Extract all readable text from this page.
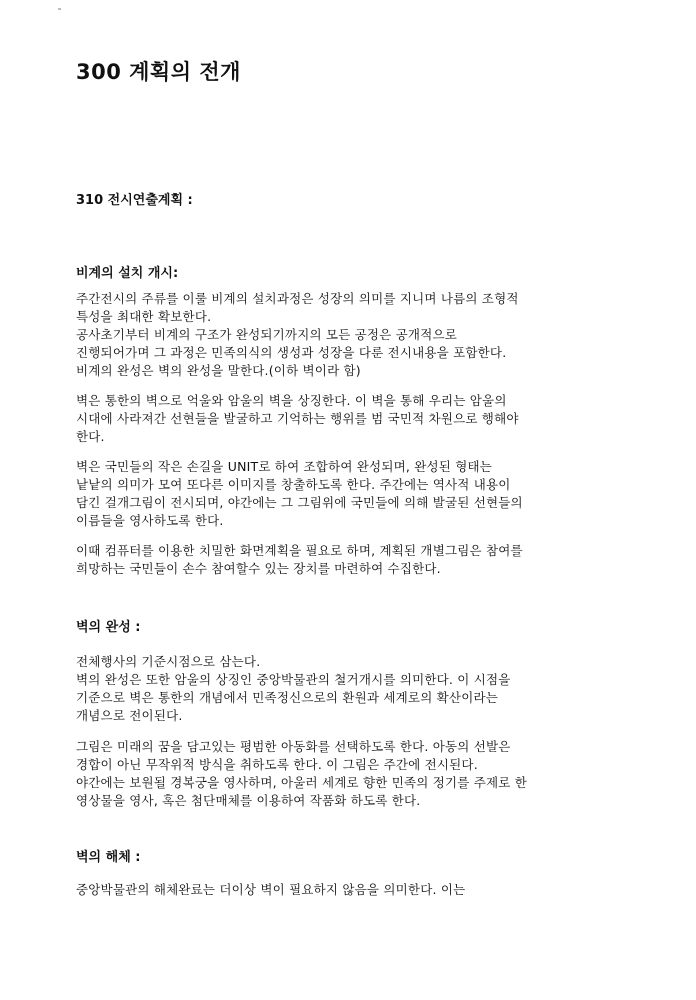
300 계획의 전개
310 전시연출계획 :
비계의 설치 개시:
주간전시의 주류를 이룰 비계의 설치과정은 성장의 의미를 지니며 나름의 조형적
특성을 최대한 확보한다.
공사초기부터 비계의 구조가 완성되기까지의 모든 공정은 공개적으로
진행되어가며 그 과정은 민족의식의 생성과 성장을 다룬 전시내용을 포함한다.
비계의 완성은 벽의 완성을 말한다.(이하 벽이라 함)
벽은 통한의 벽으로 억울와 암울의 벽을 상징한다. 이 벽을 통해 우리는 암울의
시대에 사라져간 선현들을 발굴하고 기억하는 행위를 범 국민적 차원으로 행해야
한다.
벽은 국민들의 작은 손길을 UNIT로 하여 조합하여 완성되며, 완성된 형태는
낱낱의 의미가 모여 또다른 이미지를 창출하도록 한다. 주간에는 역사적 내용이
담긴 걸개그림이 전시되며, 야간에는 그 그림위에 국민들에 의해 발굴된 선현들의
이름들을 영사하도록 한다.
이때 컴퓨터를 이용한 치밀한 화면계획을 필요로 하며, 계획된 개별그림은 참여를
희망하는 국민들이 손수 참여할수 있는 장치를 마련하여 수집한다.
벽의 완성 :
전체행사의 기준시점으로 삼는다.
벽의 완성은 또한 암울의 상징인 중앙박물관의 철거개시를 의미한다. 이 시점을
기준으로 벽은 통한의 개념에서 민족정신으로의 환원과 세계로의 확산이라는
개념으로 전이된다.
그림은 미래의 꿈을 담고있는 평범한 아동화를 선택하도록 한다. 아동의 선발은
경합이 아닌 무작위적 방식을 취하도록 한다. 이 그림은 주간에 전시된다.
야간에는 보원될 경복궁을 영사하며, 아울러 세계로 향한 민족의 정기를 주제로 한
영상물을 영사, 혹은 첨단매체를 이용하여 작품화 하도록 한다.
벽의 해체 :
중앙박물관의 해체완료는 더이상 벽이 필요하지 않음을 의미한다. 이는
